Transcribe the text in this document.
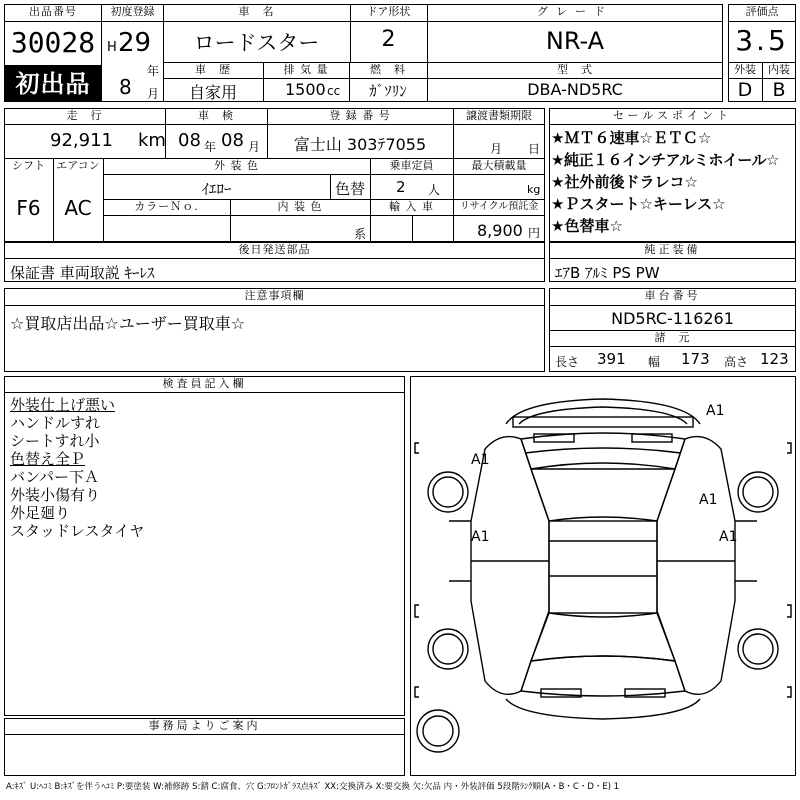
出品番号
30028
初出品
初度登録
H 29
年
8 月
車　名
ロードスター
ドア形状
2
グレード
NR-A
車　歴
自家用
排 気 量
1500 cc
燃　料
ｶﾞｿﾘﾝ
型　式
DBA-ND5RC
評価点
3.5
外装	内装
D	B
走　行
92,911 km
車　検
08 年 08 月
登 録 番 号
富士山 303ﾃ7055
譲渡書類期限
月 日
シフト
F6
エアコン
AC
外 装 色
ｲｴﾛｰ	色替
乗車定員
2 人
最大積載量
kg
カラーＮｏ.	内 装 色
系
輸 入 車	リサイクル預託金
8,900 円
セールスポイント
★ＭＴ６速車☆ＥＴＣ☆
★純正１６インチアルミホイール☆
★社外前後ドラレコ☆
★Ｐスタート☆キーレス☆
★色替車☆
後日発送部品
保証書 車両取説 ｷｰﾚｽ
純正装備
ｴｱB ｱﾙﾐ PS PW
注意事項欄
☆買取店出品☆ユーザー買取車☆
車台番号
ND5RC-116261
諸　元
長さ 391 幅 173 高さ 123
検査員記入欄
外装仕上げ悪い
ハンドルすれ
シートすれ小
色替え全Ｐ
バンパー下Ａ
外装小傷有り
外足廻り
スタッドレスタイヤ
事務局よりご案内
A1
A1
A1
A1	A1
A:ｷｽﾞ U:ﾍｺﾐ B:ｷｽﾞを伴うﾍｺﾐ P:要塗装 W:補修跡 S:錆 C:腐食、穴 G:ﾌﾛﾝﾄｶﾞﾗｽ点ｷｽﾞ XX:交換済み X:要交換 欠:欠品 内・外装評価 5段階ﾗﾝｸ順(A・B・C・D・E) 1
